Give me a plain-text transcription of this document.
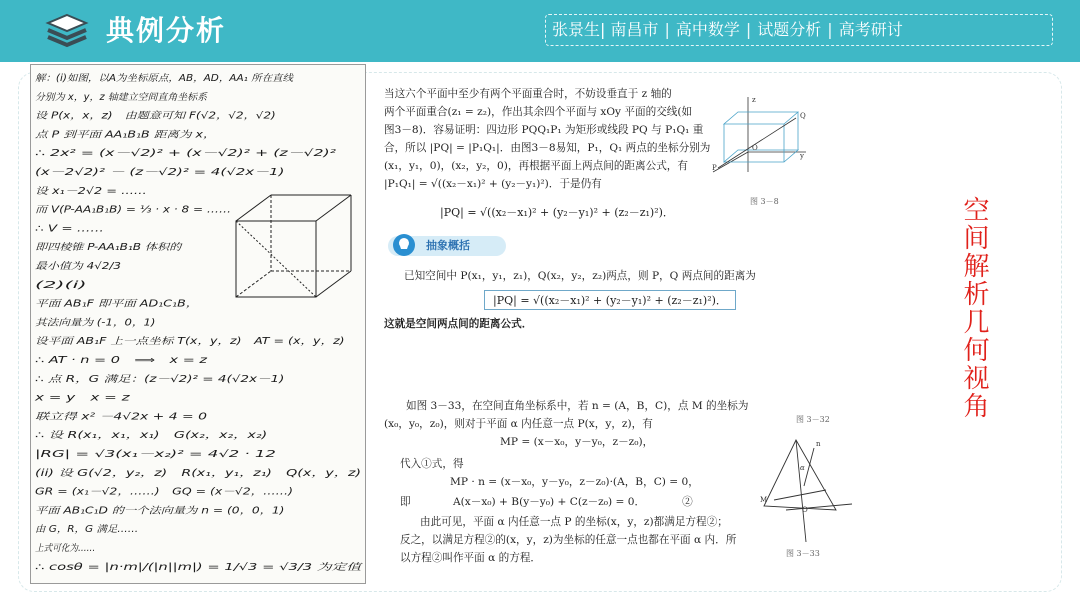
典例分析	张景生| 南昌市 | 高中数学 | 试题分析 | 高考研讨
解：(i)如图，以A为坐标原点，AB，AD，AA₁ 所在直线
分别为 x，y，z 轴建立空间直角坐标系
设 P(x，x，z)　由题意可知 F(√2，√2，√2)
点 P 到平面 AA₁B₁B 距离为 x，
∴ 2x² = (x－√2)² + (x－√2)² + (z－√2)²
(x－2√2)² － (z－√2)² = 4(√2x－1)
设 x₁－2√2 = ……
而 V(P-AA₁B₁B) = ⅓ · x · 8 = ……
∴ V = ……
即四棱锥 P-AA₁B₁B 体积的
最小值为 4√2/3
(2)(i)
平面 AB₁F 即平面 AD₁C₁B，
其法向量为 (-1，0，1)
设平面 AB₁F 上一点坐标 T(x，y，z)　AT = (x，y，z)
∴ AT · n = 0　⟹　x = z
∴ 点 R，G 满足：(z－√2)² = 4(√2x－1)
x = y　x = z
联立得 x² －4√2x + 4 = 0
∴ 设 R(x₁，x₁，x₁)　G(x₂，x₂，x₂)
|RG| = √3(x₁－x₂)² = 4√2 · 12
(ii) 设 G(√2，y₂，z)　R(x₁，y₁，z₁)　Q(x，y，z)
GR = (x₁－√2，……)　GQ = (x－√2，……)
平面 AB₁C₁D 的一个法向量为 n = (0，0，1)
由 G，R，G 满足……
上式可化为……
∴ cosθ = |n·m|/(|n||m|) = 1/√3 = √3/3 为定值
当这六个平面中至少有两个平面重合时，不妨设垂直于 z 轴的
两个平面重合(z₁ = z₂)，作出其余四个平面与 xOy 平面的交线(如
图3－8)．容易证明：四边形 PQQ₁P₁ 为矩形或线段 PQ 与 P₁Q₁ 重
合，所以 |PQ| = |P₁Q₁|．由图3－8易知，P₁，Q₁ 两点的坐标分别为
(x₁，y₁，0)，(x₂，y₂，0)，再根据平面上两点间的距离公式，有
|P₁Q₁| = √((x₂－x₁)² + (y₂－y₁)²)．于是仍有
|PQ| = √((x₂－x₁)² + (y₂－y₁)² + (z₂－z₁)²)．
z
O
Q
P
y
图 3－8
抽象概括
已知空间中 P(x₁，y₁，z₁)，Q(x₂，y₂，z₂)两点，则 P，Q 两点间的距离为
|PQ| = √((x₂－x₁)² + (y₂－y₁)² + (z₂－z₁)²)．
这就是空间两点间的距离公式．
如图 3－33，在空间直角坐标系中，若 n = (A，B，C)，点 M 的坐标为
(x₀，y₀，z₀)，则对于平面 α 内任意一点 P(x，y，z)，有
MP = (x－x₀，y－y₀，z－z₀)，
代入①式，得
MP · n = (x－x₀，y－y₀，z－z₀)·(A，B，C) = 0，
即　　　　A(x－x₀) + B(y－y₀) + C(z－z₀) = 0．　　　　②
由此可见，平面 α 内任意一点 P 的坐标(x，y，z)都满足方程②；
反之，以满足方程②的(x，y，z)为坐标的任意一点也都在平面 α 内．所
以方程②叫作平面 α 的方程．
图 3－32
α
M
O
n
图 3－33
空间解析几何视角
